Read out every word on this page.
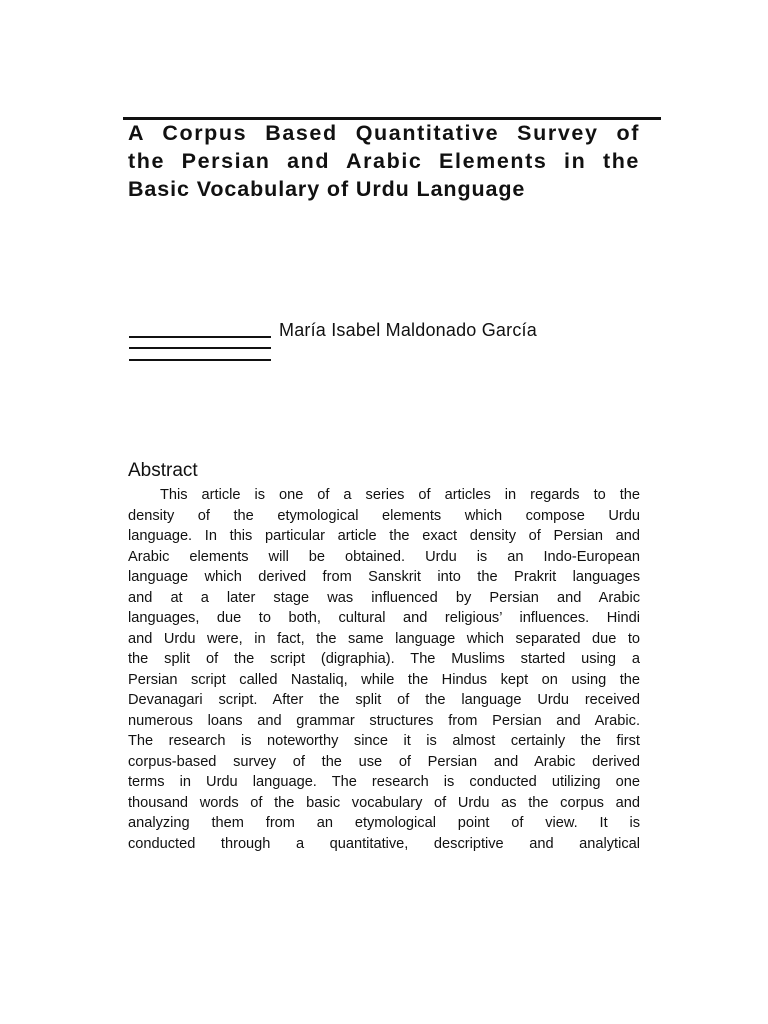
A Corpus Based Quantitative Survey of
the Persian and Arabic Elements in the
Basic Vocabulary of Urdu Language
María Isabel Maldonado García
Abstract
This article is one of a series of articles in regards to the
density of the etymological elements which compose Urdu
language. In this particular article the exact density of Persian and
Arabic elements will be obtained. Urdu is an Indo-European
language which derived from Sanskrit into the Prakrit languages
and at a later stage was influenced by Persian and Arabic
languages, due to both, cultural and religious’ influences. Hindi
and Urdu were, in fact, the same language which separated due to
the split of the script (digraphia). The Muslims started using a
Persian script called Nastaliq, while the Hindus kept on using the
Devanagari script. After the split of the language Urdu received
numerous loans and grammar structures from Persian and Arabic.
The research is noteworthy since it is almost certainly the first
corpus-based survey of the use of Persian and Arabic derived
terms in Urdu language. The research is conducted utilizing one
thousand words of the basic vocabulary of Urdu as the corpus and
analyzing them from an etymological point of view. It is
conducted through a quantitative, descriptive and analytical
